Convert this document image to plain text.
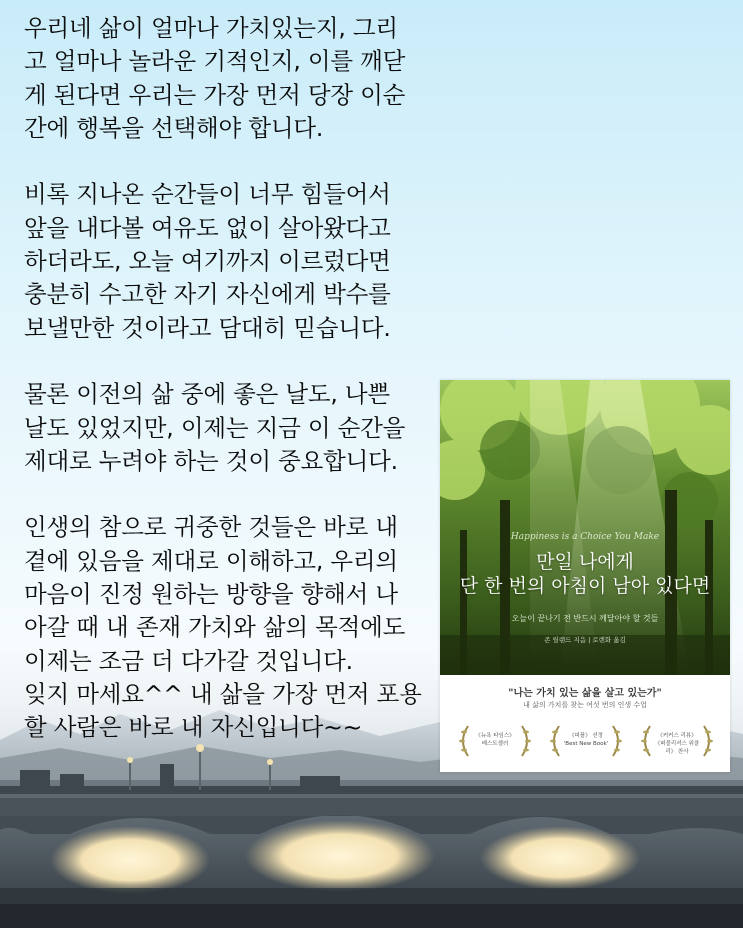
우리네 삶이 얼마나 가치있는지, 그리
고 얼마나 놀라운 기적인지, 이를 깨닫
게 된다면 우리는 가장 먼저 당장 이순
간에 행복을 선택해야 합니다.
비록 지나온 순간들이 너무 힘들어서
앞을 내다볼 여유도 없이 살아왔다고
하더라도, 오늘 여기까지 이르렀다면
충분히 수고한 자기 자신에게 박수를
보낼만한 것이라고 담대히 믿습니다.
물론 이전의 삶 중에 좋은 날도, 나쁜
날도 있었지만, 이제는 지금 이 순간을
제대로 누려야 하는 것이 중요합니다.
인생의 참으로 귀중한 것들은 바로 내
곁에 있음을 제대로 이해하고, 우리의
마음이 진정 원하는 방향을 향해서 나
아갈 때 내 존재 가치와 삶의 목적에도
이제는 조금 더 다가갈 것입니다.
잊지 마세요^^ 내 삶을 가장 먼저 포용
할 사람은 바로 내 자신입니다~~
Happiness is a Choice You Make
만일 나에게
단 한 번의 아침이 남아 있다면
오늘이 끝나기 전 반드시 깨달아야 할 것들
존 릴랜드 지음 | 로렌화 옮김
"나는 가치 있는 삶을 살고 있는가"
내 삶의 가치를 찾는 여섯 번의 인생 수업
《뉴욕 타임스》
베스트셀러
《피플》 선정
'Best New Book'
《커커스 리뷰》
《퍼블리셔스 위클리》 찬사
